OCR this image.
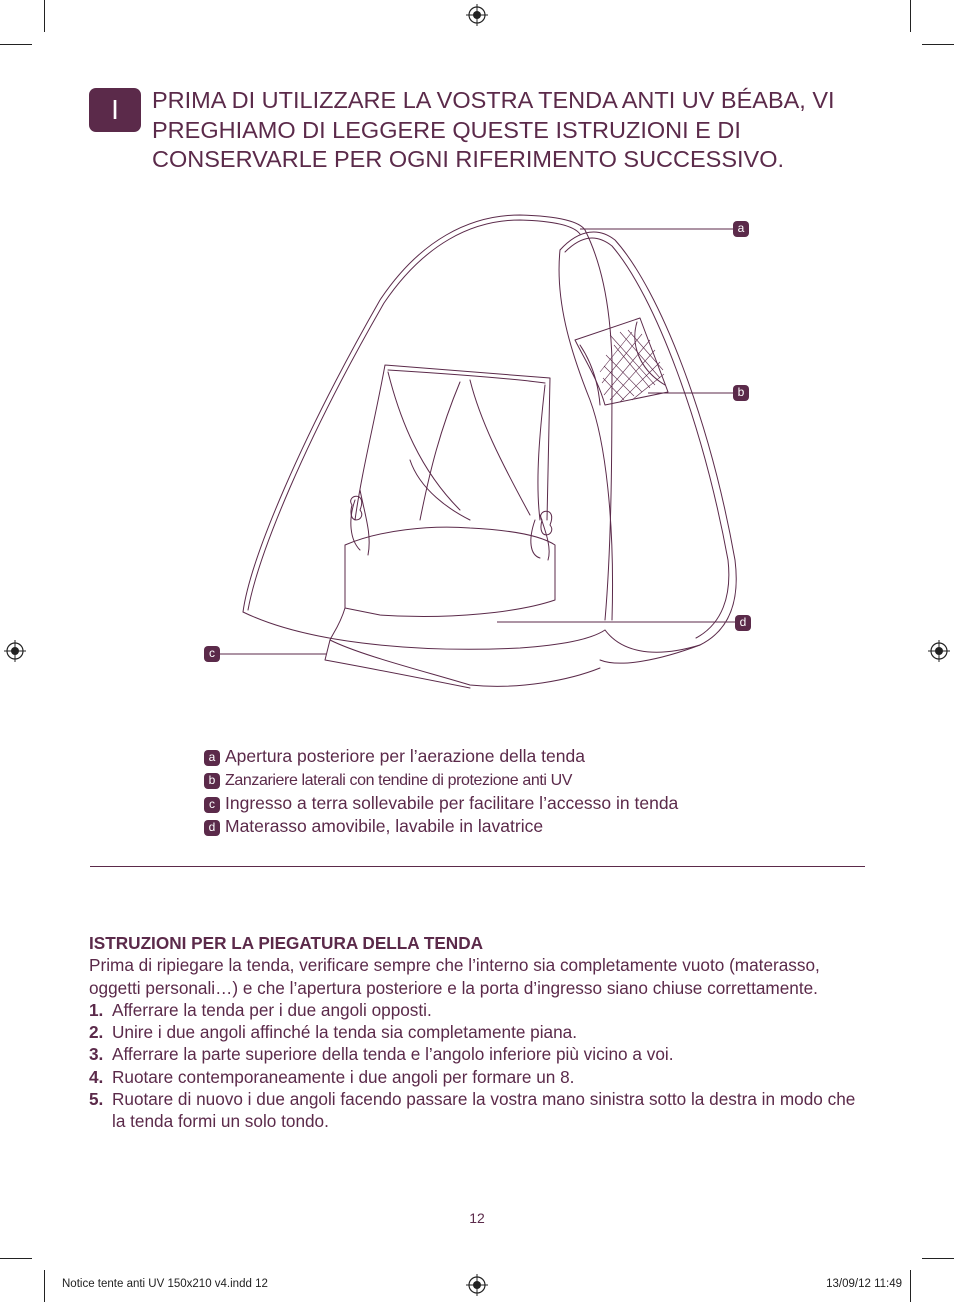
I	PRIMA DI UTILIZZARE LA VOSTRA TENDA ANTI UV BÉABA, VI
PREGHIAMO DI LEGGERE QUESTE ISTRUZIONI E DI
CONSERVARLE PER OGNI RIFERIMENTO SUCCESSIVO.
a
b
c
d
a Apertura posteriore per l’aerazione della tenda
b Zanzariere laterali con tendine di protezione anti UV
c Ingresso a terra sollevabile per facilitare l’accesso in tenda
d Materasso amovibile, lavabile in lavatrice
ISTRUZIONI PER LA PIEGATURA DELLA TENDA

Prima di ripiegare la tenda, verificare sempre che l’interno sia completamente vuoto (materasso, oggetti personali…) e che l’apertura posteriore e la porta d’ingresso siano chiuse correttamente.

1. Afferrare la tenda per i due angoli opposti.
2. Unire i due angoli affinché la tenda sia completamente piana.
3. Afferrare la parte superiore della tenda e l’angolo inferiore più vicino a voi.
4. Ruotare contemporaneamente i due angoli per formare un 8.
5. Ruotare di nuovo i due angoli facendo passare la vostra mano sinistra sotto la destra in modo che la tenda formi un solo tondo.
12
Notice tente anti UV 150x210 v4.indd 12	13/09/12 11:49
